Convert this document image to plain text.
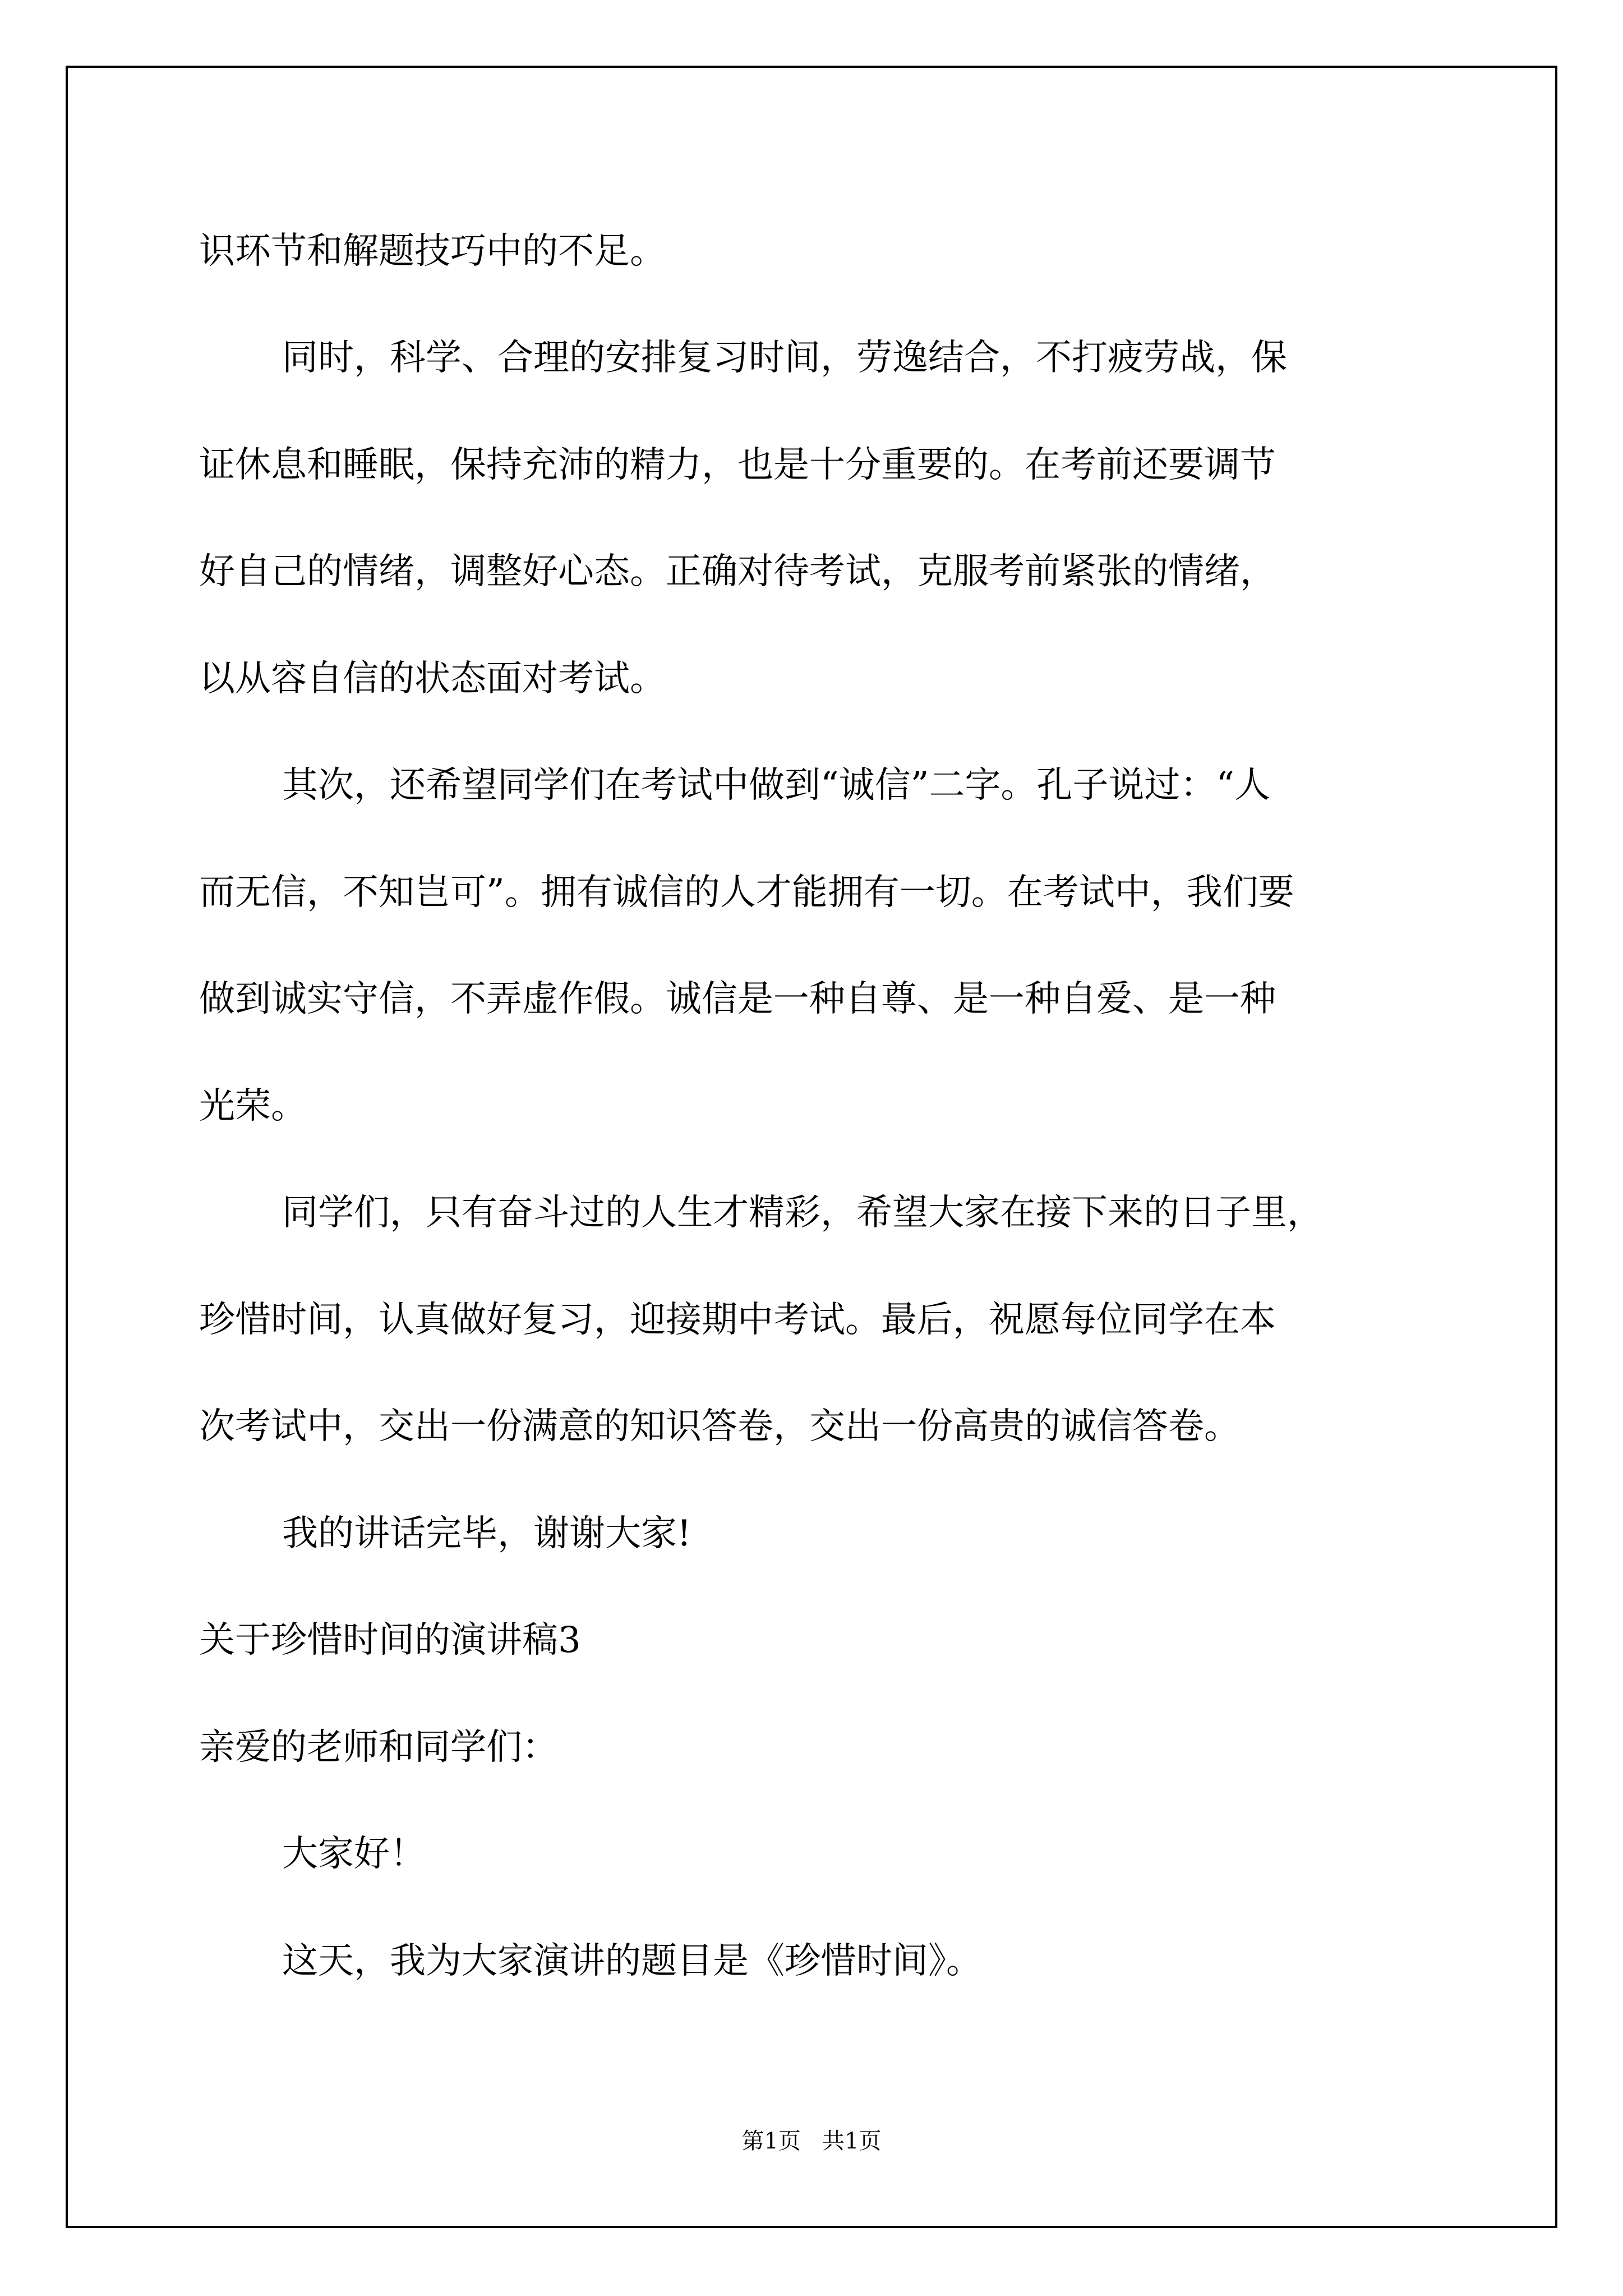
识环节和解题技巧中的不足。

同时，科学、合理的安排复习时间，劳逸结合，不打疲劳战，保

证休息和睡眠，保持充沛的精力，也是十分重要的。在考前还要调节

好自己的情绪，调整好心态。正确对待考试，克服考前紧张的情绪，

以从容自信的状态面对考试。

其次，还希望同学们在考试中做到“诚信”二字。孔子说过：“人

而无信，不知岂可”。拥有诚信的人才能拥有一切。在考试中，我们要

做到诚实守信，不弄虚作假。诚信是一种自尊、是一种自爱、是一种

光荣。

同学们，只有奋斗过的人生才精彩，希望大家在接下来的日子里，

珍惜时间，认真做好复习，迎接期中考试。最后，祝愿每位同学在本

次考试中，交出一份满意的知识答卷，交出一份高贵的诚信答卷。

我的讲话完毕，谢谢大家!

关于珍惜时间的演讲稿3

亲爱的老师和同学们：

大家好！

这天，我为大家演讲的题目是《珍惜时间》。

第1页   共1页
